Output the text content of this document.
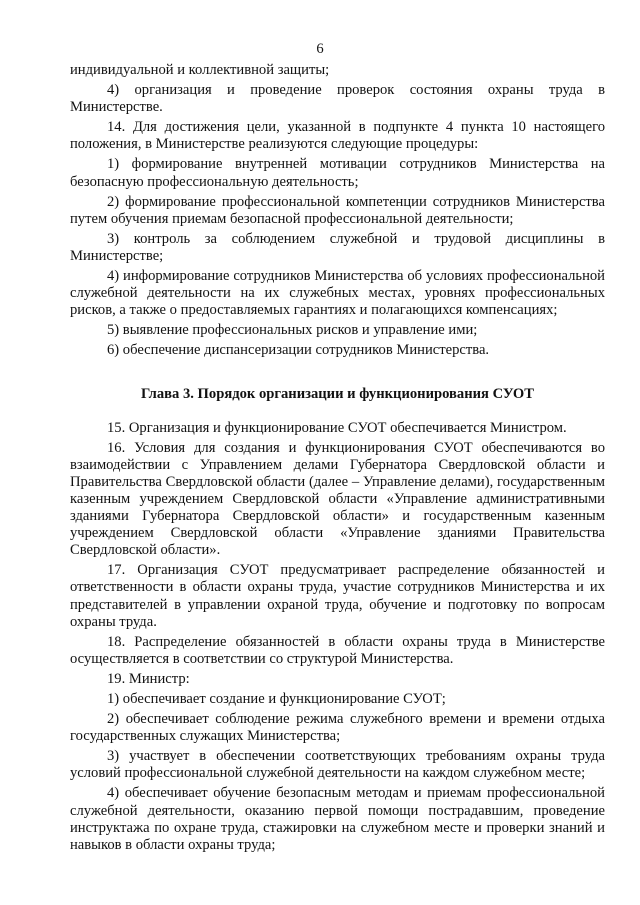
6

индивидуальной и коллективной защиты;

4) организация и проведение проверок состояния охраны труда в Министерстве.

14. Для достижения цели, указанной в подпункте 4 пункта 10 настоящего положения, в Министерстве реализуются следующие процедуры:

1) формирование внутренней мотивации сотрудников Министерства на безопасную профессиональную деятельность;

2) формирование профессиональной компетенции сотрудников Министерства путем обучения приемам безопасной профессиональной деятельности;

3) контроль за соблюдением служебной и трудовой дисциплины в Министерстве;

4) информирование сотрудников Министерства об условиях профессиональной служебной деятельности на их служебных местах, уровнях профессиональных рисков, а также о предоставляемых гарантиях и полагающихся компенсациях;

5) выявление профессиональных рисков и управление ими;

6) обеспечение диспансеризации сотрудников Министерства.

Глава 3. Порядок организации и функционирования СУОТ

15. Организация и функционирование СУОТ обеспечивается Министром.

16. Условия для создания и функционирования СУОТ обеспечиваются во взаимодействии с Управлением делами Губернатора Свердловской области и Правительства Свердловской области (далее – Управление делами), государственным казенным учреждением Свердловской области «Управление административными зданиями Губернатора Свердловской области» и государственным казенным учреждением Свердловской области «Управление зданиями Правительства Свердловской области».

17. Организация СУОТ предусматривает распределение обязанностей и ответственности в области охраны труда, участие сотрудников Министерства и их представителей в управлении охраной труда, обучение и подготовку по вопросам охраны труда.

18. Распределение обязанностей в области охраны труда в Министерстве осуществляется в соответствии со структурой Министерства.

19. Министр:

1) обеспечивает создание и функционирование СУОТ;

2) обеспечивает соблюдение режима служебного времени и времени отдыха государственных служащих Министерства;

3) участвует в обеспечении соответствующих требованиям охраны труда условий профессиональной служебной деятельности на каждом служебном месте;

4) обеспечивает обучение безопасным методам и приемам профессиональной служебной деятельности, оказанию первой помощи пострадавшим, проведение инструктажа по охране труда, стажировки на служебном месте и проверки знаний и навыков в области охраны труда;
